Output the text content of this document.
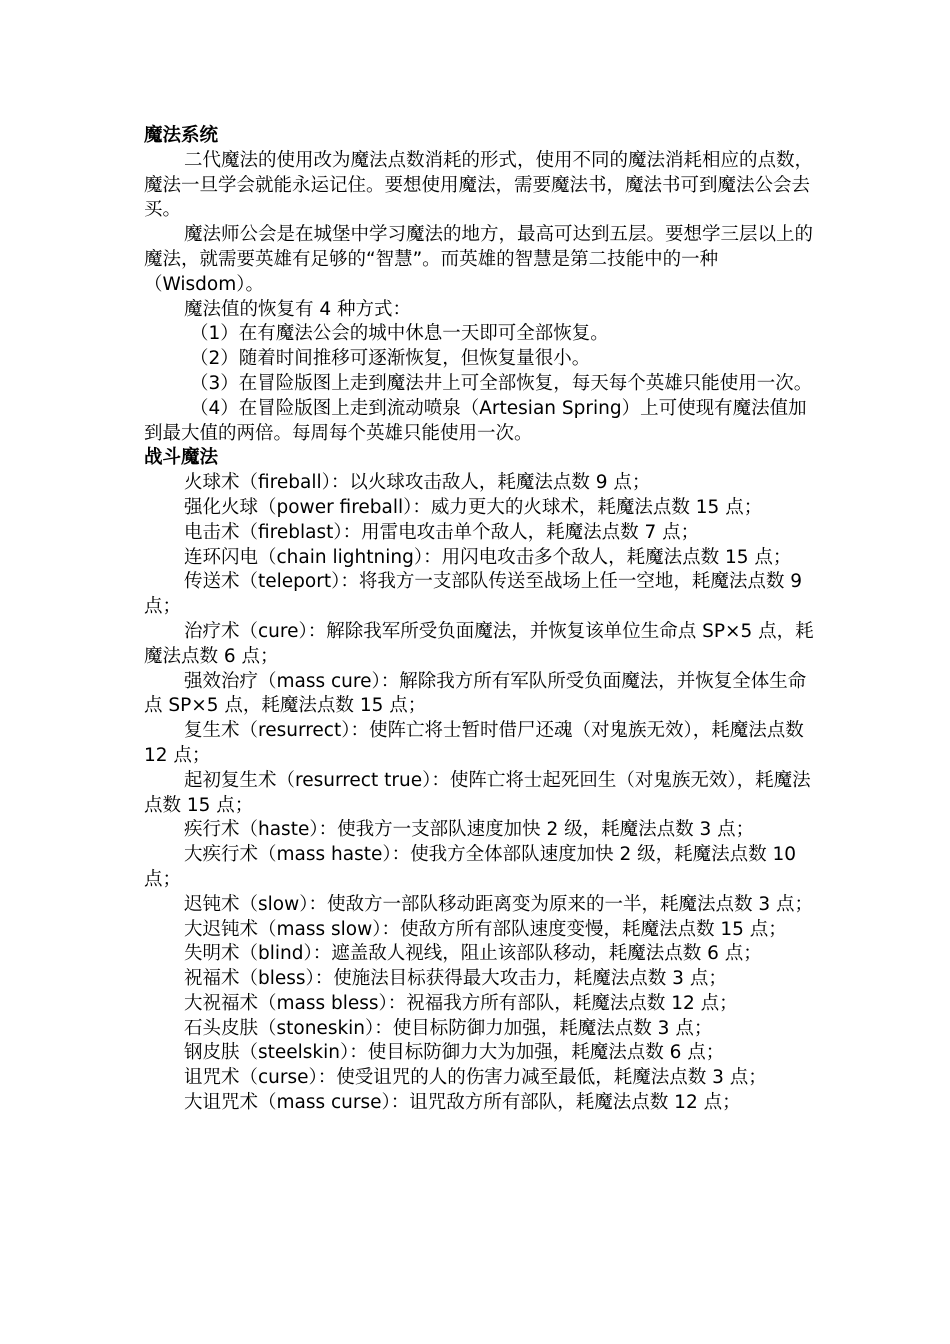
魔法系统
二代魔法的使用改为魔法点数消耗的形式，使用不同的魔法消耗相应的点数，魔法一旦学会就能永运记住。要想使用魔法，需要魔法书，魔法书可到魔法公会去买。
魔法师公会是在城堡中学习魔法的地方，最高可达到五层。要想学三层以上的魔法，就需要英雄有足够的“智慧”。而英雄的智慧是第二技能中的一种（Wisdom）。
魔法值的恢复有 4 种方式：
（1）在有魔法公会的城中休息一天即可全部恢复。
（2）随着时间推移可逐渐恢复，但恢复量很小。
（3）在冒险版图上走到魔法井上可全部恢复，每天每个英雄只能使用一次。
（4）在冒险版图上走到流动喷泉（Artesian Spring）上可使现有魔法值加到最大值的两倍。每周每个英雄只能使用一次。
战斗魔法
火球术（fireball）：以火球攻击敌人，耗魔法点数 9 点；
强化火球（power fireball）：威力更大的火球术，耗魔法点数 15 点；
电击术（fireblast）：用雷电攻击单个敌人，耗魔法点数 7 点；
连环闪电（chain lightning）：用闪电攻击多个敌人，耗魔法点数 15 点；
传送术（teleport）：将我方一支部队传送至战场上任一空地，耗魔法点数 9 点；
治疗术（cure）：解除我军所受负面魔法，并恢复该单位生命点 SP×5 点，耗魔法点数 6 点；
强效治疗（mass cure）：解除我方所有军队所受负面魔法，并恢复全体生命点 SP×5 点，耗魔法点数 15 点；
复生术（resurrect）：使阵亡将士暂时借尸还魂（对鬼族无效），耗魔法点数 12 点；
起初复生术（resurrect true）：使阵亡将士起死回生（对鬼族无效），耗魔法点数 15 点；
疾行术（haste）：使我方一支部队速度加快 2 级，耗魔法点数 3 点；
大疾行术（mass haste）：使我方全体部队速度加快 2 级，耗魔法点数 10 点；
迟钝术（slow）：使敌方一部队移动距离变为原来的一半，耗魔法点数 3 点；
大迟钝术（mass slow）：使敌方所有部队速度变慢，耗魔法点数 15 点；
失明术（blind）：遮盖敌人视线，阻止该部队移动，耗魔法点数 6 点；
祝福术（bless）：使施法目标获得最大攻击力，耗魔法点数 3 点；
大祝福术（mass bless）：祝福我方所有部队，耗魔法点数 12 点；
石头皮肤（stoneskin）：使目标防御力加强，耗魔法点数 3 点；
钢皮肤（steelskin）：使目标防御力大为加强，耗魔法点数 6 点；
诅咒术（curse）：使受诅咒的人的伤害力减至最低，耗魔法点数 3 点；
大诅咒术（mass curse）：诅咒敌方所有部队，耗魔法点数 12 点；
